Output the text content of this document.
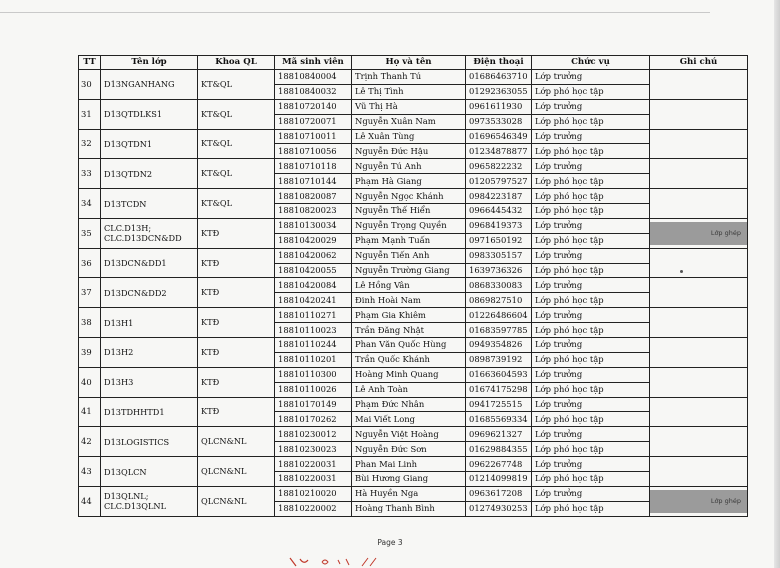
TT	Tên lớp	Khoa QL	Mã sinh viên	Họ và tên	Điện thoại	Chức vụ	Ghi chú
30	D13NGANHANG	KT&QL	18810840004	Trịnh Thanh Tú	01686463710	Lớp trưởng	
			18810840032	Lê Thị Tình	01292363055	Lớp phó học tập	
31	D13QTDLKS1	KT&QL	18810720140	Vũ Thị Hà	0961611930	Lớp trưởng	
			18810720071	Nguyễn Xuân Nam	0973533028	Lớp phó học tập	
32	D13QTDN1	KT&QL	18810710011	Lê Xuân Tùng	01696546349	Lớp trưởng	
			18810710056	Nguyễn Đức Hậu	01234878877	Lớp phó học tập	
33	D13QTDN2	KT&QL	18810710118	Nguyễn Tú Anh	0965822232	Lớp trưởng	
			18810710144	Phạm Hà Giang	01205797527	Lớp phó học tập	
34	D13TCDN	KT&QL	18810820087	Nguyễn Ngọc Khánh	0984223187	Lớp phó học tập	
			18810820023	Nguyễn Thế Hiển	0966445432	Lớp phó học tập	
35	CLC.D13H;
CLC.D13DCN&DD	KTĐ	18810130034	Nguyễn Trọng Quyền	0968419373	Lớp trưởng	Lớp ghép
			18810420029	Phạm Mạnh Tuấn	0971650192	Lớp phó học tập	
36	D13DCN&DD1	KTĐ	18810420062	Nguyễn Tiến Anh	0983305157	Lớp trưởng	
			18810420055	Nguyễn Trường Giang	1639736326	Lớp phó học tập	
37	D13DCN&DD2	KTĐ	18810420084	Lê Hồng Vân	0868330083	Lớp trưởng	
			18810420241	Đinh Hoài Nam	0869827510	Lớp phó học tập	
38	D13H1	KTĐ	18810110271	Phạm Gia Khiêm	01226486604	Lớp trưởng	
			18810110023	Trần Đăng Nhật	01683597785	Lớp phó học tập	
39	D13H2	KTĐ	18810110244	Phan Văn Quốc Hùng	0949354826	Lớp trưởng	
			18810110201	Trần Quốc Khánh	0898739192	Lớp phó học tập	
40	D13H3	KTĐ	18810110300	Hoàng Minh Quang	01663604593	Lớp trưởng	
			18810110026	Lê Anh Toàn	01674175298	Lớp phó học tập	
41	D13TDHHTD1	KTĐ	18810170149	Phạm Đức Nhân	0941725515	Lớp trưởng	
			18810170262	Mai Viết Long	01685569334	Lớp phó học tập	
42	D13LOGISTICS	QLCN&NL	18810230012	Nguyễn Việt Hoàng	0969621327	Lớp trưởng	
			18810230023	Nguyễn Đức Sơn	01629884355	Lớp phó học tập	
43	D13QLCN	QLCN&NL	18810220031	Phan Mai Linh	0962267748	Lớp trưởng	
			18810220031	Bùi Hương Giang	01214099819	Lớp phó học tập	
44	D13QLNL;
CLC.D13QLNL	QLCN&NL	18810210020	Hà Huyền Nga	0963617208	Lớp trưởng	Lớp ghép
			18810220002	Hoàng Thanh Bình	01274930253	Lớp phó học tập	
Page 3
